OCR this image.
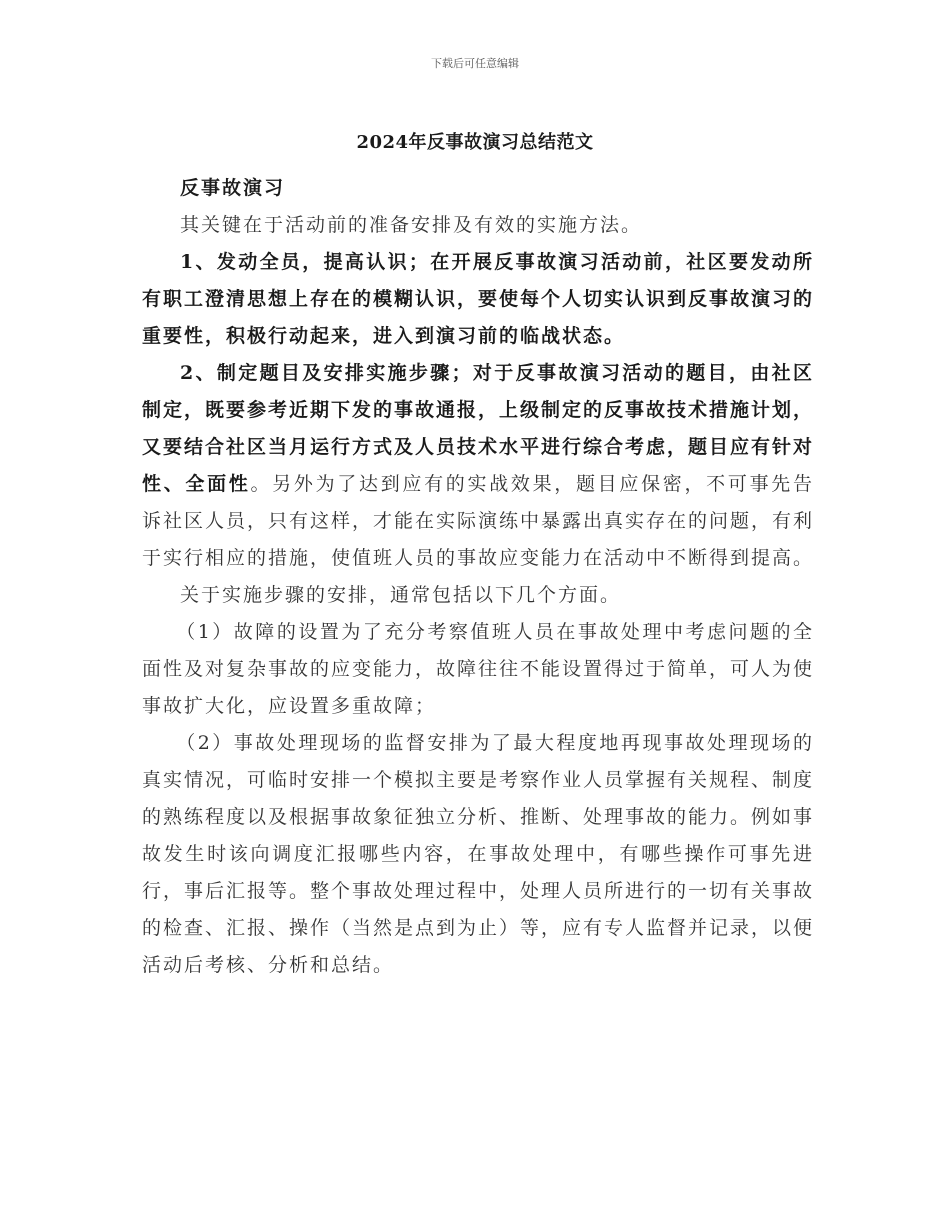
下载后可任意编辑
2024年反事故演习总结范文

反事故演习

其关键在于活动前的准备安排及有效的实施方法。

1、发动全员，提高认识；在开展反事故演习活动前，社区要发动所有职工澄清思想上存在的模糊认识，要使每个人切实认识到反事故演习的重要性，积极行动起来，进入到演习前的临战状态。

2、制定题目及安排实施步骤；对于反事故演习活动的题目，由社区制定，既要参考近期下发的事故通报，上级制定的反事故技术措施计划，又要结合社区当月运行方式及人员技术水平进行综合考虑，题目应有针对性、全面性。另外为了达到应有的实战效果，题目应保密，不可事先告诉社区人员，只有这样，才能在实际演练中暴露出真实存在的问题，有利于实行相应的措施，使值班人员的事故应变能力在活动中不断得到提高。

关于实施步骤的安排，通常包括以下几个方面。

（1）故障的设置为了充分考察值班人员在事故处理中考虑问题的全面性及对复杂事故的应变能力，故障往往不能设置得过于简单，可人为使事故扩大化，应设置多重故障；

（2）事故处理现场的监督安排为了最大程度地再现事故处理现场的真实情况，可临时安排一个模拟主要是考察作业人员掌握有关规程、制度的熟练程度以及根据事故象征独立分析、推断、处理事故的能力。例如事故发生时该向调度汇报哪些内容，在事故处理中，有哪些操作可事先进行，事后汇报等。整个事故处理过程中，处理人员所进行的一切有关事故的检查、汇报、操作（当然是点到为止）等，应有专人监督并记录，以便活动后考核、分析和总结。
